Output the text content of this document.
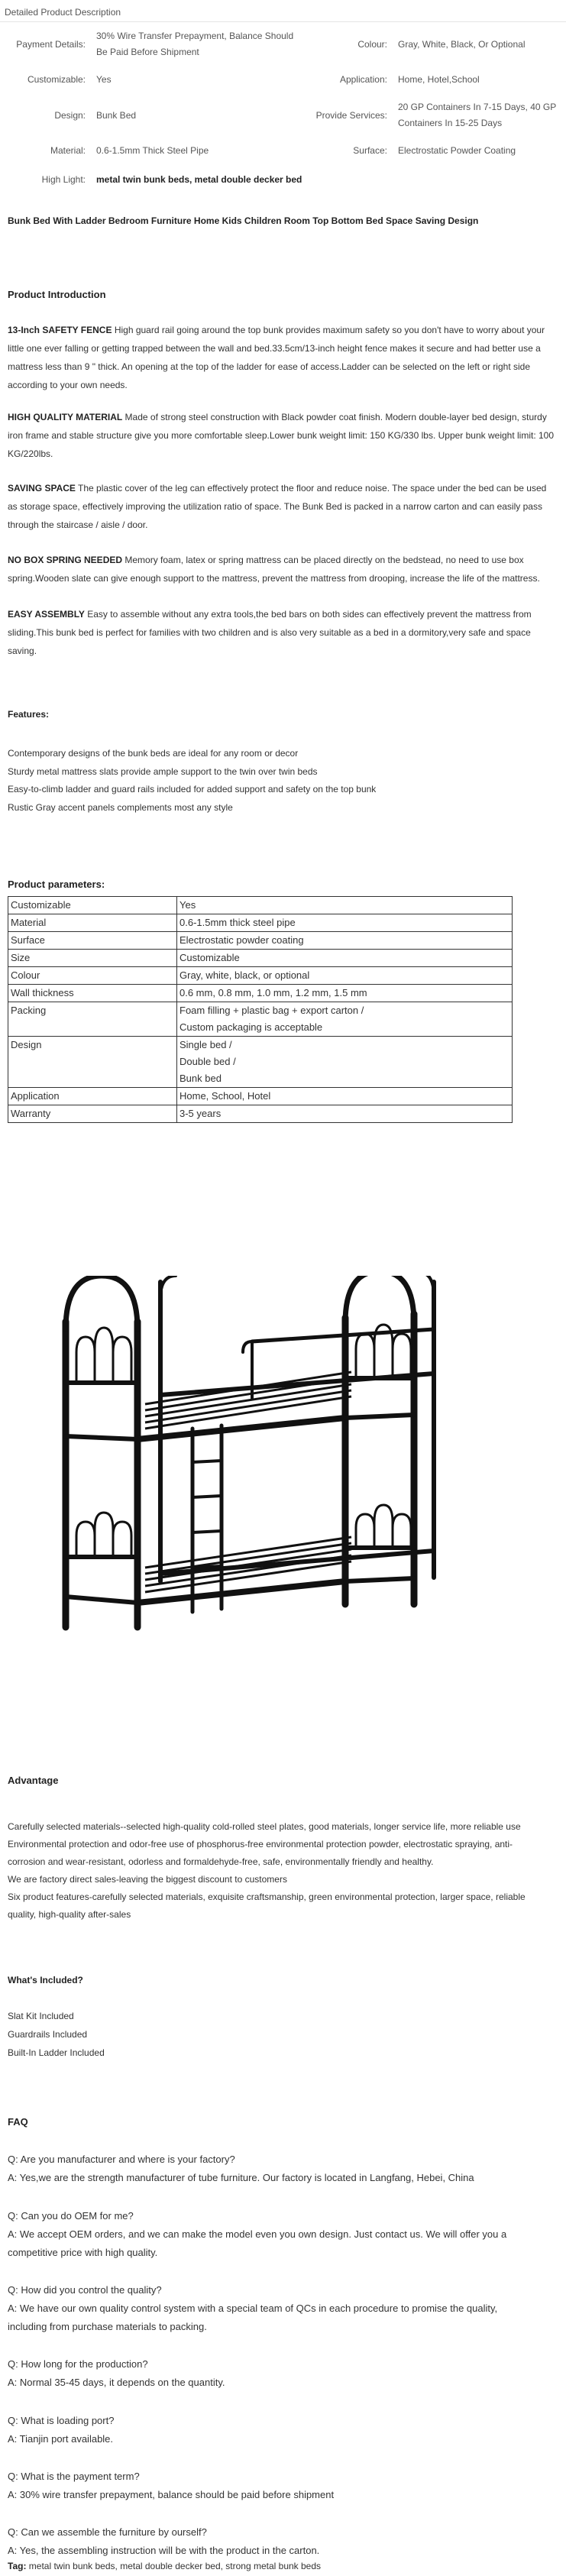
Detailed Product Description
Payment Details:	30% Wire Transfer Prepayment, Balance Should Be Paid Before Shipment	Colour:	Gray, White, Black, Or Optional
Customizable:	Yes	Application:	Home, Hotel,School
Design:	Bunk Bed	Provide Services:	20 GP Containers In 7-15 Days, 40 GP Containers In 15-25 Days
Material:	0.6-1.5mm Thick Steel Pipe	Surface:	Electrostatic Powder Coating
High Light:	metal twin bunk beds, metal double decker bed		
Bunk Bed With Ladder Bedroom Furniture Home Kids Children Room Top Bottom Bed Space Saving Design
Product Introduction
13-Inch SAFETY FENCE High guard rail going around the top bunk provides maximum safety so you don't have to worry about your little one ever falling or getting trapped between the wall and bed.33.5cm/13-inch height fence makes it secure and had better use a mattress less than 9 " thick. An opening at the top of the ladder for ease of access.Ladder can be selected on the left or right side according to your own needs.
HIGH QUALITY MATERIAL Made of strong steel construction with Black powder coat finish. Modern double-layer bed design, sturdy iron frame and stable structure give you more comfortable sleep.Lower bunk weight limit: 150 KG/330 lbs. Upper bunk weight limit: 100 KG/220lbs.
SAVING SPACE The plastic cover of the leg can effectively protect the floor and reduce noise. The space under the bed can be used as storage space, effectively improving the utilization ratio of space. The Bunk Bed is packed in a narrow carton and can easily pass through the staircase / aisle / door.
NO BOX SPRING NEEDED Memory foam, latex or spring mattress can be placed directly on the bedstead, no need to use box spring.Wooden slate can give enough support to the mattress, prevent the mattress from drooping, increase the life of the mattress.
EASY ASSEMBLY Easy to assemble without any extra tools,the bed bars on both sides can effectively prevent the mattress from sliding.This bunk bed is perfect for families with two children and is also very suitable as a bed in a dormitory,very safe and space saving.
Features:
Contemporary designs of the bunk beds are ideal for any room or decor
Sturdy metal mattress slats provide ample support to the twin over twin beds
Easy-to-climb ladder and guard rails included for added support and safety on the top bunk
Rustic Gray accent panels complements most any style
Product parameters:
Customizable	Yes
Material	0.6-1.5mm thick steel pipe
Surface	Electrostatic powder coating
Size	Customizable
Colour	Gray, white, black, or optional
Wall thickness	0.6 mm, 0.8 mm, 1.0 mm, 1.2 mm, 1.5 mm
Packing	Foam filling + plastic bag + export carton /
Custom packaging is acceptable

Design	Single bed /
Double bed /
Bunk bed

Application	Home, School, Hotel
Warranty	3-5 years
Advantage
Carefully selected materials--selected high-quality cold-rolled steel plates, good materials, longer service life, more reliable use
Environmental protection and odor-free use of phosphorus-free environmental protection powder, electrostatic spraying, anti-
corrosion and wear-resistant, odorless and formaldehyde-free, safe, environmentally friendly and healthy.
We are factory direct sales-leaving the biggest discount to customers
Six product features-carefully selected materials, exquisite craftsmanship, green environmental protection, larger space, reliable
quality, high-quality after-sales
What's Included?
Slat Kit Included
Guardrails Included
Built-In Ladder Included
FAQ
Q: Are you manufacturer and where is your factory?
A: Yes,we are the strength manufacturer of tube furniture. Our factory is located in Langfang, Hebei, China
Q: Can you do OEM for me?
A: We accept OEM orders, and we can make the model even you own design. Just contact us. We will offer you a
competitive price with high quality.
Q: How did you control the quality?
A: We have our own quality control system with a special team of QCs in each procedure to promise the quality,
including from purchase materials to packing.
Q: How long for the production?
A: Normal 35-45 days, it depends on the quantity.
Q: What is loading port?
A: Tianjin port available.
Q: What is the payment term?
A: 30% wire transfer prepayment, balance should be paid before shipment
Q: Can we assemble the furniture by ourself?
A: Yes, the assembling instruction will be with the product in the carton.
Tag: metal twin bunk beds, metal double decker bed, strong metal bunk beds
